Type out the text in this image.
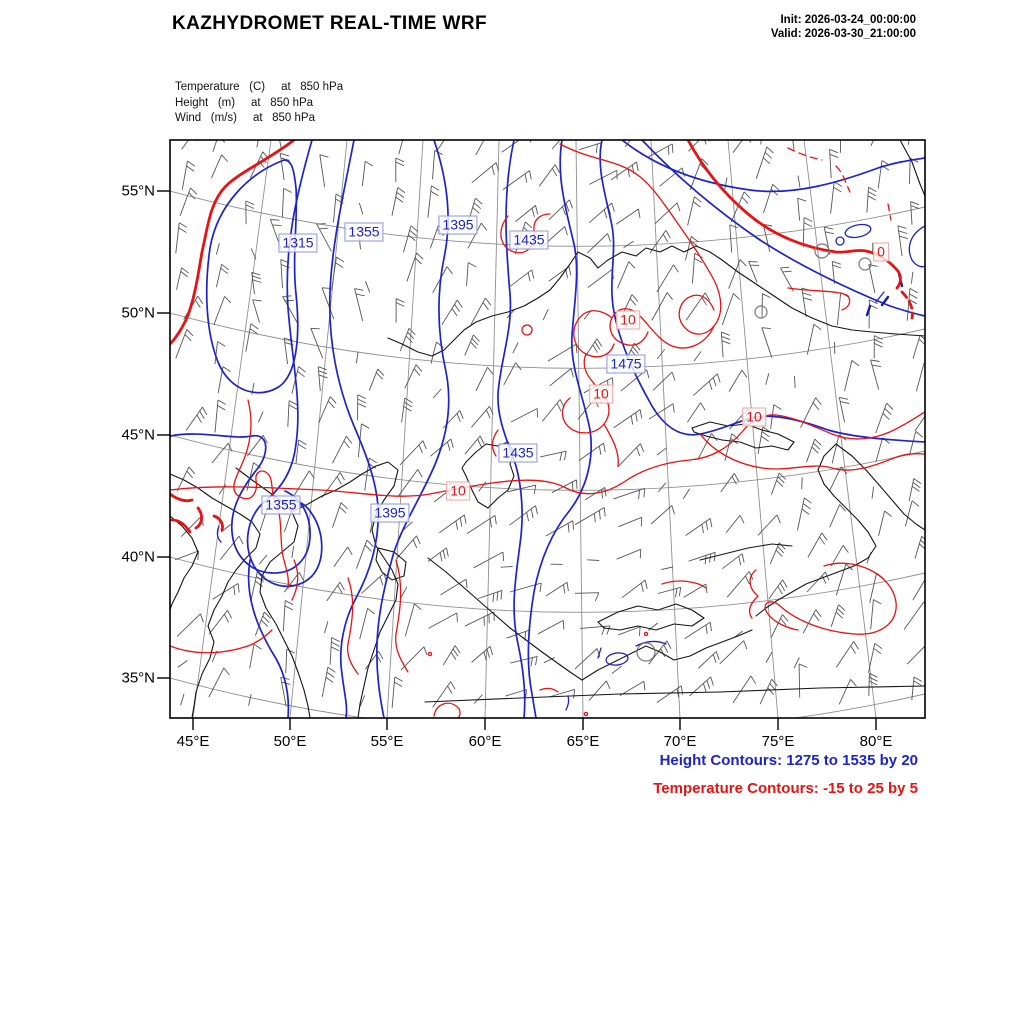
KAZHYDROMET REAL-TIME WRF	Init: 2026-03-24_00:00:00
Valid: 2026-03-30_21:00:00
Temperature   (C)     at   850 hPa
Height   (m)     at   850 hPa
Wind   (m/s)     at   850 hPa
55°N
50°N
45°N
40°N
35°N
45°E	50°E	55°E	60°E	65°E	70°E	75°E	80°E
1315
1355	1395
1435
1475
1435
1395
1355
10
10
10
10
0
Height Contours: 1275 to 1535 by 20
Temperature Contours: -15 to 25 by 5
